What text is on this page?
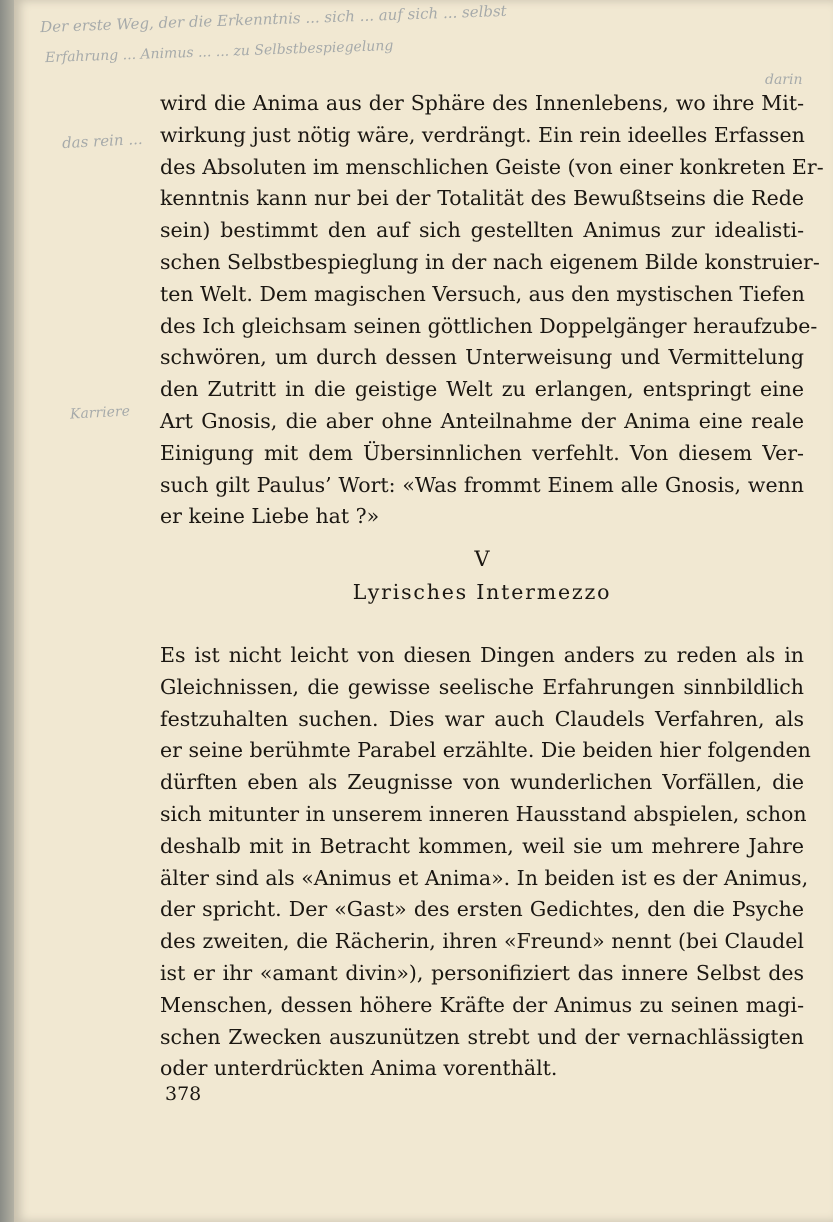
Der erste Weg, der die Erkenntnis ... sich ... auf sich ... selbst
Erfahrung ... Animus ... ... zu Selbstbespiegelung
das rein ...
darin
Karriere
wird die Anima aus der Sphäre des Innenlebens, wo ihre Mit-
wirkung just nötig wäre, verdrängt. Ein rein ideelles Erfassen
des Absoluten im menschlichen Geiste (von einer konkreten Er-
kenntnis kann nur bei der Totalität des Bewußtseins die Rede
sein) bestimmt den auf sich gestellten Animus zur idealisti-
schen Selbstbespieglung in der nach eigenem Bilde konstruier-
ten Welt. Dem magischen Versuch, aus den mystischen Tiefen
des Ich gleichsam seinen göttlichen Doppelgänger heraufzube-
schwören, um durch dessen Unterweisung und Vermittelung
den Zutritt in die geistige Welt zu erlangen, entspringt eine
Art Gnosis, die aber ohne Anteilnahme der Anima eine reale
Einigung mit dem Übersinnlichen verfehlt. Von diesem Ver-
such gilt Paulus’ Wort: «Was frommt Einem alle Gnosis, wenn
er keine Liebe hat ?»
V
Lyrisches Intermezzo
Es ist nicht leicht von diesen Dingen anders zu reden als in
Gleichnissen, die gewisse seelische Erfahrungen sinnbildlich
festzuhalten suchen. Dies war auch Claudels Verfahren, als
er seine berühmte Parabel erzählte. Die beiden hier folgenden
dürften eben als Zeugnisse von wunderlichen Vorfällen, die
sich mitunter in unserem inneren Hausstand abspielen, schon
deshalb mit in Betracht kommen, weil sie um mehrere Jahre
älter sind als «Animus et Anima». In beiden ist es der Animus,
der spricht. Der «Gast» des ersten Gedichtes, den die Psyche
des zweiten, die Rächerin, ihren «Freund» nennt (bei Claudel
ist er ihr «amant divin»), personifiziert das innere Selbst des
Menschen, dessen höhere Kräfte der Animus zu seinen magi-
schen Zwecken auszunützen strebt und der vernachlässigten
oder unterdrückten Anima vorenthält.
378
